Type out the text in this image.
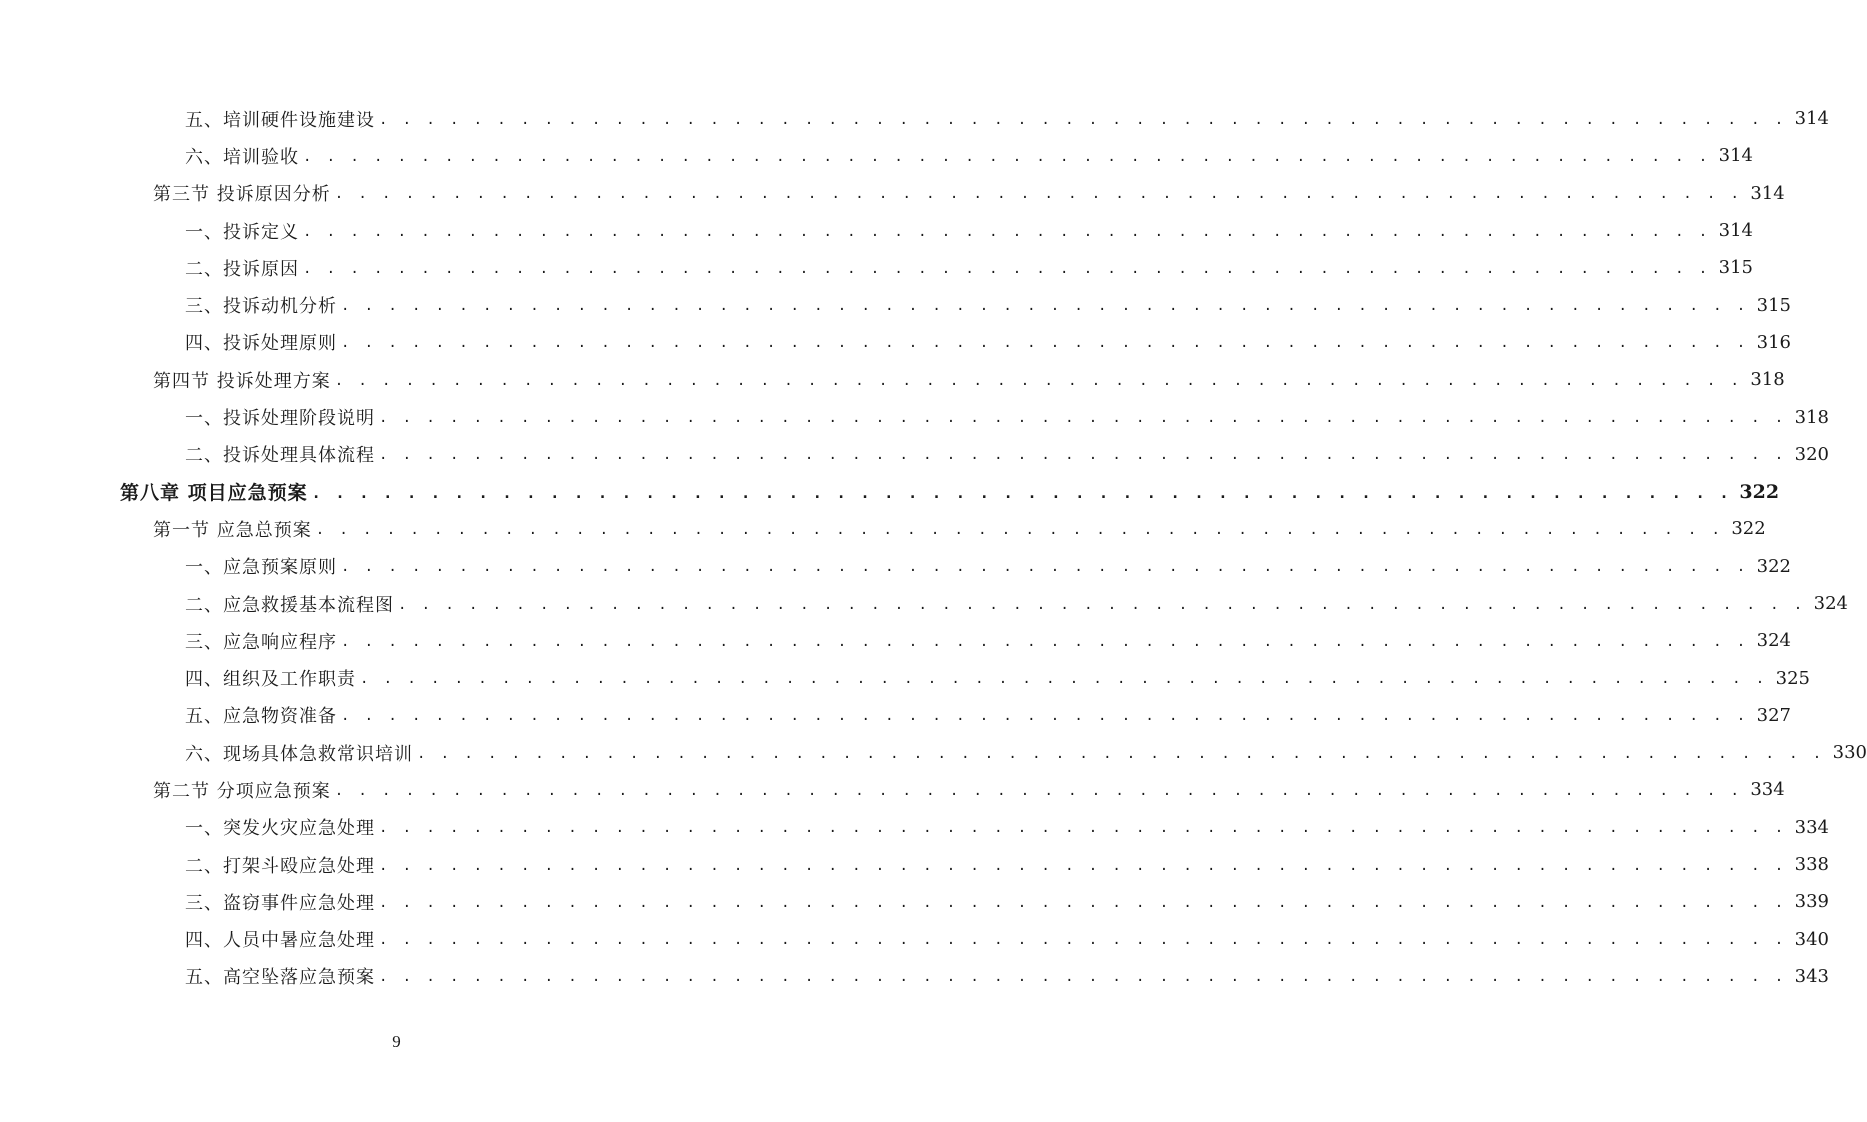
五、培训硬件设施建设 . . . . . . . . . . . . . . . . . . . . . . . . . . . . . . . . . . . . . . . . . . . . . . . . . . . . . . . . . . . . 314
六、培训验收 . . . . . . . . . . . . . . . . . . . . . . . . . . . . . . . . . . . . . . . . . . . . . . . . . . . . . . . . . . . . 314
第三节 投诉原因分析 . . . . . . . . . . . . . . . . . . . . . . . . . . . . . . . . . . . . . . . . . . . . . . . . . . . . . . . . . . . . 314
一、投诉定义 . . . . . . . . . . . . . . . . . . . . . . . . . . . . . . . . . . . . . . . . . . . . . . . . . . . . . . . . . . . . 314
二、投诉原因 . . . . . . . . . . . . . . . . . . . . . . . . . . . . . . . . . . . . . . . . . . . . . . . . . . . . . . . . . . . . 315
三、投诉动机分析 . . . . . . . . . . . . . . . . . . . . . . . . . . . . . . . . . . . . . . . . . . . . . . . . . . . . . . . . . . . . 315
四、投诉处理原则 . . . . . . . . . . . . . . . . . . . . . . . . . . . . . . . . . . . . . . . . . . . . . . . . . . . . . . . . . . . . 316
第四节 投诉处理方案 . . . . . . . . . . . . . . . . . . . . . . . . . . . . . . . . . . . . . . . . . . . . . . . . . . . . . . . . . . . . 318
一、投诉处理阶段说明 . . . . . . . . . . . . . . . . . . . . . . . . . . . . . . . . . . . . . . . . . . . . . . . . . . . . . . . . . . . . 318
二、投诉处理具体流程 . . . . . . . . . . . . . . . . . . . . . . . . . . . . . . . . . . . . . . . . . . . . . . . . . . . . . . . . . . . . 320
第八章 项目应急预案 . . . . . . . . . . . . . . . . . . . . . . . . . . . . . . . . . . . . . . . . . . . . . . . . . . . . . . . . . . . . 322
第一节 应急总预案 . . . . . . . . . . . . . . . . . . . . . . . . . . . . . . . . . . . . . . . . . . . . . . . . . . . . . . . . . . . . 322
一、应急预案原则 . . . . . . . . . . . . . . . . . . . . . . . . . . . . . . . . . . . . . . . . . . . . . . . . . . . . . . . . . . . . 322
二、应急救援基本流程图 . . . . . . . . . . . . . . . . . . . . . . . . . . . . . . . . . . . . . . . . . . . . . . . . . . . . . . . . . . . . 324
三、应急响应程序 . . . . . . . . . . . . . . . . . . . . . . . . . . . . . . . . . . . . . . . . . . . . . . . . . . . . . . . . . . . . 324
四、组织及工作职责 . . . . . . . . . . . . . . . . . . . . . . . . . . . . . . . . . . . . . . . . . . . . . . . . . . . . . . . . . . . . 325
五、应急物资准备 . . . . . . . . . . . . . . . . . . . . . . . . . . . . . . . . . . . . . . . . . . . . . . . . . . . . . . . . . . . . 327
六、现场具体急救常识培训 . . . . . . . . . . . . . . . . . . . . . . . . . . . . . . . . . . . . . . . . . . . . . . . . . . . . . . . . . . . . 330
第二节 分项应急预案 . . . . . . . . . . . . . . . . . . . . . . . . . . . . . . . . . . . . . . . . . . . . . . . . . . . . . . . . . . . . 334
一、突发火灾应急处理 . . . . . . . . . . . . . . . . . . . . . . . . . . . . . . . . . . . . . . . . . . . . . . . . . . . . . . . . . . . . 334
二、打架斗殴应急处理 . . . . . . . . . . . . . . . . . . . . . . . . . . . . . . . . . . . . . . . . . . . . . . . . . . . . . . . . . . . . 338
三、盗窃事件应急处理 . . . . . . . . . . . . . . . . . . . . . . . . . . . . . . . . . . . . . . . . . . . . . . . . . . . . . . . . . . . . 339
四、人员中暑应急处理 . . . . . . . . . . . . . . . . . . . . . . . . . . . . . . . . . . . . . . . . . . . . . . . . . . . . . . . . . . . . 340
五、高空坠落应急预案 . . . . . . . . . . . . . . . . . . . . . . . . . . . . . . . . . . . . . . . . . . . . . . . . . . . . . . . . . . . . 343
9
